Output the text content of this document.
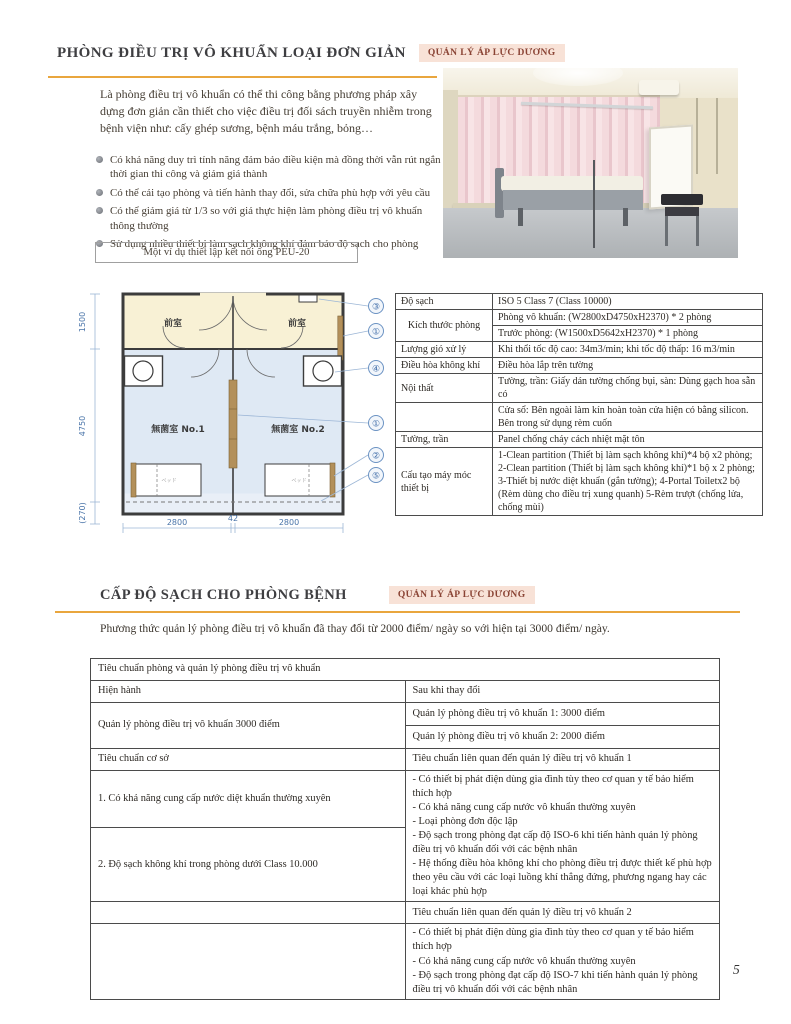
PHÒNG ĐIỀU TRỊ VÔ KHUẨN LOẠI ĐƠN GIẢN	QUẢN LÝ ÁP LỰC DƯƠNG
Là phòng điều trị vô khuẩn có thể thi công bằng phương pháp xây dựng đơn giản cần thiết cho việc điều trị đối sách truyền nhiễm trong bệnh viện như: cấy ghép sương, bệnh máu trắng, bỏng…
Có khả năng duy trì tính năng đảm bảo điều kiện mà đồng thời vẫn rút ngắn thời gian thi công và giảm giá thành
Có thể cải tạo phòng và tiến hành thay đổi, sửa chữa phù hợp với yêu cầu
Có thể giảm giá từ 1/3 so với giá thực hiện làm phòng điều trị vô khuẩn thông thường
Sử dụng nhiều thiết bị làm sạch không khí đảm bảo độ sạch cho phòng
Một ví dụ thiết lập kết nối ống PEU-20
前室	前室
無菌室 No.1	無菌室 No.2
ベッド	ベッド
1500
4750
(270)	2800	42	2800
③
①
④
①
②
⑤
Độ sạch	ISO 5 Class 7 (Class 10000)
Kích thước phòng	Phòng vô khuẩn: (W2800xD4750xH2370) * 2 phòng
	Trước phòng: (W1500xD5642xH2370) * 1 phòng
Lượng gió xử lý	Khi thổi tốc độ cao: 34m3/min; khi tốc độ thấp: 16 m3/min
Điều hòa không khí	Điều hòa lắp trên tường
Nội thất	Tường, trần: Giấy dán tường chống bụi, sàn: Dùng gạch hoa sẵn có
	Cửa sổ: Bên ngoài làm kín hoàn toàn cửa hiện có bằng silicon. Bên trong sử dụng rèm cuốn
Tường, trần	Panel chống cháy cách nhiệt mặt tôn
Cấu tạo máy móc thiết bị	1-Clean partition (Thiết bị làm sạch không khí)*4 bộ x2 phòng; 2-Clean partition (Thiết bị làm sạch không khí)*1 bộ x 2 phòng; 3-Thiết bị nước diệt khuẩn (gắn tường); 4-Portal Toiletx2 bộ (Rèm dùng cho điều trị xung quanh) 5-Rèm trượt (chống lửa, chống mùi)
CẤP ĐỘ SẠCH CHO PHÒNG BỆNH	QUẢN LÝ ÁP LỰC DƯƠNG
Phương thức quản lý phòng điều trị vô khuẩn đã thay đổi từ 2000 điểm/ ngày so với hiện tại 3000 điểm/ ngày.
Tiêu chuẩn phòng và quản lý phòng điều trị vô khuẩn	
Hiện hành	Sau khi thay đổi
Quản lý phòng điều trị vô khuẩn 3000 điểm	Quản lý phòng điều trị vô khuẩn 1: 3000 điểm
	Quản lý phòng điều trị vô khuẩn 2: 2000 điểm
Tiêu chuẩn cơ sở	Tiêu chuẩn liên quan đến quản lý điều trị vô khuẩn 1
1. Có khả năng cung cấp nước diệt khuẩn thường xuyên	- Có thiết bị phát điện dùng gia đình tùy theo cơ quan y tế bảo hiểm thích hợp
- Có khả năng cung cấp nước vô khuẩn thường xuyên
- Loại phòng đơn độc lập
- Độ sạch trong phòng đạt cấp độ ISO-6 khi tiến hành quản lý phòng điều trị vô khuẩn đối với các bệnh nhân
- Hệ thống điều hòa không khí cho phòng điều trị được thiết kế phù hợp theo yêu cầu với các loại luồng khí thẳng đứng, phương ngang hay các loại khác phù hợp

2. Độ sạch không khí trong phòng dưới Class 10.000	
	Tiêu chuẩn liên quan đến quản lý điều trị vô khuẩn 2

	- Có thiết bị phát điện dùng gia đình tùy theo cơ quan y tế bảo hiểm thích hợp
- Có khả năng cung cấp nước vô khuẩn thường xuyên
- Độ sạch trong phòng đạt cấp độ ISO-7 khi tiến hành quản lý phòng điều trị vô khuẩn đối với các bệnh nhân
5
